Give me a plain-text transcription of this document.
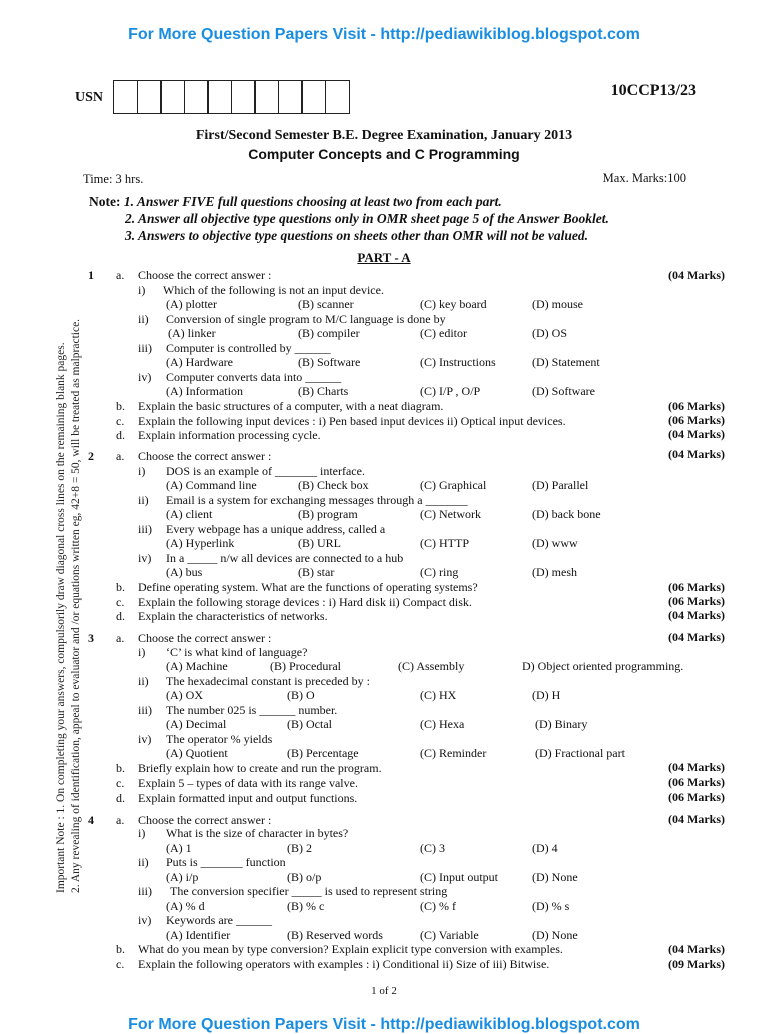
For More Question Papers Visit - http://pediawikiblog.blogspot.com
Important Note : 1. On completing your answers, compulsorily draw diagonal cross lines on the remaining blank pages. 2. Any revealing of identification, appeal to evaluator and /or equations written eg, 42+8 = 50, will be treated as malpractice.
USN	10CCP13/23
First/Second Semester B.E. Degree Examination, January 2013
Computer Concepts and C Programming
Time: 3 hrs.	Max. Marks:100
Note: 1. Answer FIVE full questions choosing at least two from each part.
2. Answer all objective type questions only in OMR sheet page 5 of the Answer Booklet.
3. Answers to objective type questions on sheets other than OMR will not be valued.
PART - A
1 a. Choose the correct answer :	(04 Marks)
i) Which of the following is not an input device.
(A) plotter	(B) scanner	(C) key board	(D) mouse
ii) Conversion of single program to M/C language is done by
(A) linker	(B) compiler	(C) editor	(D) OS
iii) Computer is controlled by ______
(A) Hardware	(B) Software	(C) Instructions	(D) Statement
iv) Computer converts data into ______
(A) Information	(B) Charts	(C) I/P , O/P	(D) Software
b. Explain the basic structures of a computer, with a neat diagram.	(06 Marks)
c. Explain the following input devices : i) Pen based input devices ii) Optical input devices.	(06 Marks)
d. Explain information processing cycle.	(04 Marks)
2 a. Choose the correct answer :	(04 Marks)
i) DOS is an example of _______ interface.
(A) Command line	(B) Check box	(C) Graphical	(D) Parallel
ii) Email is a system for exchanging messages through a _______
(A) client	(B) program	(C) Network	(D) back bone
iii) Every webpage has a unique address, called a
(A) Hyperlink	(B) URL	(C) HTTP	(D) www
iv) In a _____ n/w all devices are connected to a hub
(A) bus	(B) star	(C) ring	(D) mesh
b. Define operating system. What are the functions of operating systems?	(06 Marks)
c. Explain the following storage devices : i) Hard disk ii) Compact disk.	(06 Marks)
d. Explain the characteristics of networks.	(04 Marks)
3 a. Choose the correct answer :	(04 Marks)
i) ‘C’ is what kind of language?
(A) Machine	(B) Procedural	(C) Assembly	D) Object oriented programming.
ii) The hexadecimal constant is preceded by :
(A) OX	(B) O	(C) HX	(D) H
iii) The number 025 is ______ number.
(A) Decimal	(B) Octal	(C) Hexa	(D) Binary
iv) The operator % yields
(A) Quotient	(B) Percentage	(C) Reminder	(D) Fractional part
b. Briefly explain how to create and run the program.	(04 Marks)
c. Explain 5 – types of data with its range valve.	(06 Marks)
d. Explain formatted input and output functions.	(06 Marks)
4 a. Choose the correct answer :	(04 Marks)
i) What is the size of character in bytes?
(A) 1	(B) 2	(C) 3	(D) 4
ii) Puts is _______ function
(A) i/p	(B) o/p	(C) Input output	(D) None
iii) The conversion specifier _____ is used to represent string
(A) % d	(B) % c	(C) % f	(D) % s
iv) Keywords are ______
(A) Identifier	(B) Reserved words	(C) Variable	(D) None
b. What do you mean by type conversion? Explain explicit type conversion with examples.	(04 Marks)
c. Explain the following operators with examples : i) Conditional ii) Size of iii) Bitwise.	(09 Marks)
1 of 2
For More Question Papers Visit - http://pediawikiblog.blogspot.com
